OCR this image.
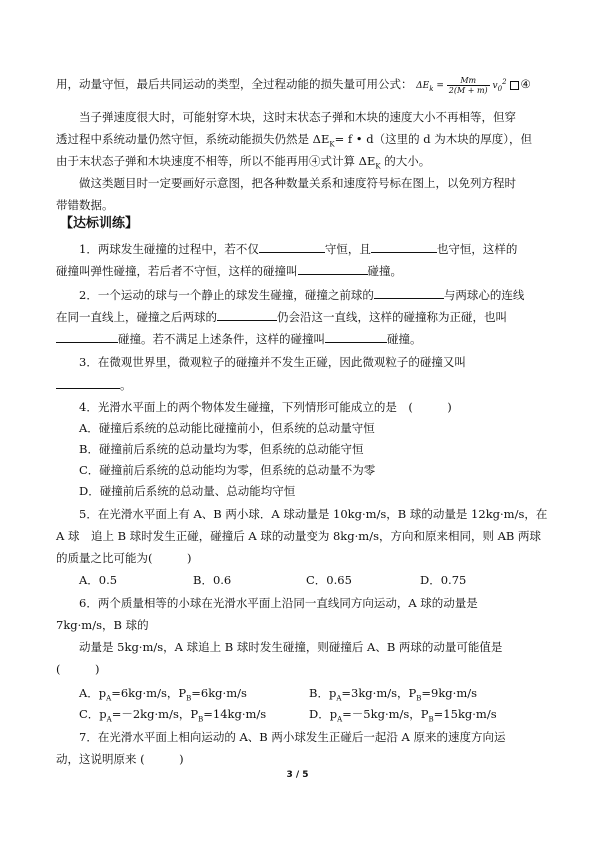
用，动量守恒，最后共同运动的类型，全过程动能的损失量可用公式： $\Delta E_k = \frac{Mm}{2(M + m)} v_0^2$ ④
当子弹速度很大时，可能射穿木块，这时末状态子弹和木块的速度大小不再相等，但穿
透过程中系统动量仍然守恒，系统动能损失仍然是 $\Delta E_K= f$ • d（这里的 d 为木块的厚度），但
由于末状态子弹和木块速度不相等，所以不能再用④式计算 $\Delta E_K$ 的大小。
做这类题目时一定要画好示意图，把各种数量关系和速度符号标在图上，以免列方程时
带错数据。
【达标训练】
1．两球发生碰撞的过程中，若不仅	守恒，且	也守恒，这样的
碰撞叫弹性碰撞，若后者不守恒，这样的碰撞叫	碰撞。
2．一个运动的球与一个静止的球发生碰撞，碰撞之前球的	与两球心的连线
在同一直线上，碰撞之后两球的	仍会沿这一直线，这样的碰撞称为正碰，也叫
碰撞。若不满足上述条件，这样的碰撞叫	碰撞。
3．在微观世界里，微观粒子的碰撞并不发生正碰，因此微观粒子的碰撞又叫
。
4．光滑水平面上的两个物体发生碰撞，下列情形可能成立的是　(　　　)
A．碰撞后系统的总动能比碰撞前小，但系统的总动量守恒
B．碰撞前后系统的总动量均为零，但系统的总动能守恒
C．碰撞前后系统的总动能均为零，但系统的总动量不为零
D．碰撞前后系统的总动量、总动能均守恒
5．在光滑水平面上有 A、B 两小球．A 球动量是 10kg·m/s，B 球的动量是 12kg·m/s，在
A 球　追上 B 球时发生正碰，碰撞后 A 球的动量变为 8kg·m/s，方向和原来相同，则 AB 两球
的质量之比可能为(　　　)
A．0.5	B．0.6	C．0.65	D．0.75
6．两个质量相等的小球在光滑水平面上沿同一直线同方向运动，A 球的动量是
7kg·m/s，B 球的
动量是 5kg·m/s，A 球追上 B 球时发生碰撞，则碰撞后 A、B 两球的动量可能值是
(　　　)
A．$p_A=6kg\cdot m/s$，$P_B=6kg\cdot m/s$	B．$p_A=3kg\cdot m/s$，$P_B=9kg\cdot m/s$
C．$p_A=-2kg\cdot m/s$，$P_B=14kg\cdot m/s$	D．$p_A=-5kg\cdot m/s$，$P_B=15kg\cdot m/s$
7．在光滑水平面上相向运动的 A、B 两小球发生正碰后一起沿 A 原来的速度方向运
动，这说明原来 (　　　)
3 / 5
